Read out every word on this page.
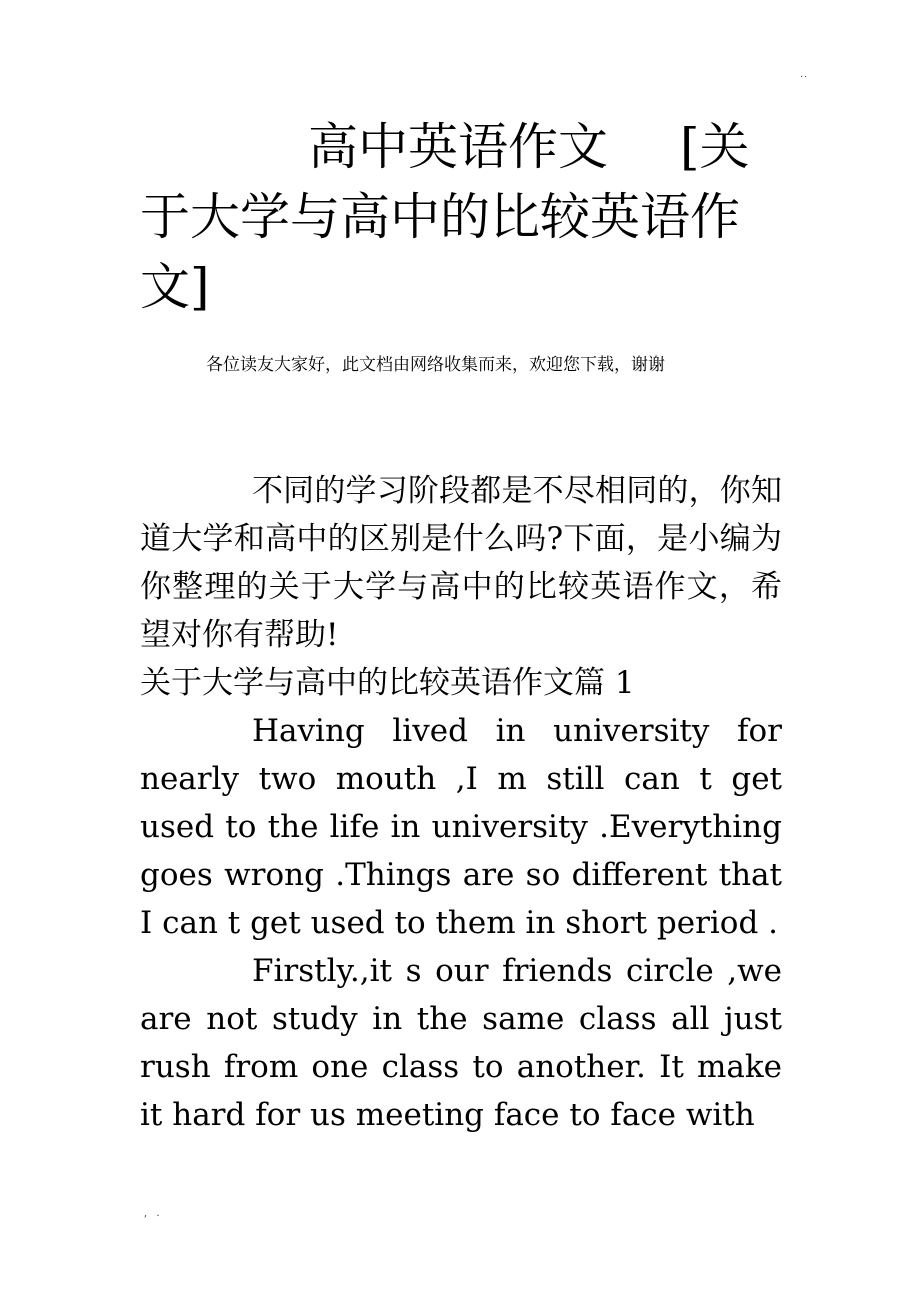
..
高中英语作文 [关于大学与高中的比较英语作文]

各位读友大家好，此文档由网络收集而来，欢迎您下载，谢谢

不同的学习阶段都是不尽相同的，你知道大学和高中的区别是什么吗?下面，是小编为你整理的关于大学与高中的比较英语作文，希望对你有帮助!

关于大学与高中的比较英语作文篇 1

Having lived in university for nearly two mouth ,I m still can t get used to the life in university .Everything goes wrong .Things are so different that I can t get used to them in short period .

Firstly.,it s our friends circle ,we are not study in the same class all just rush from one class to another. It make it hard for us meeting face to face with

, .
